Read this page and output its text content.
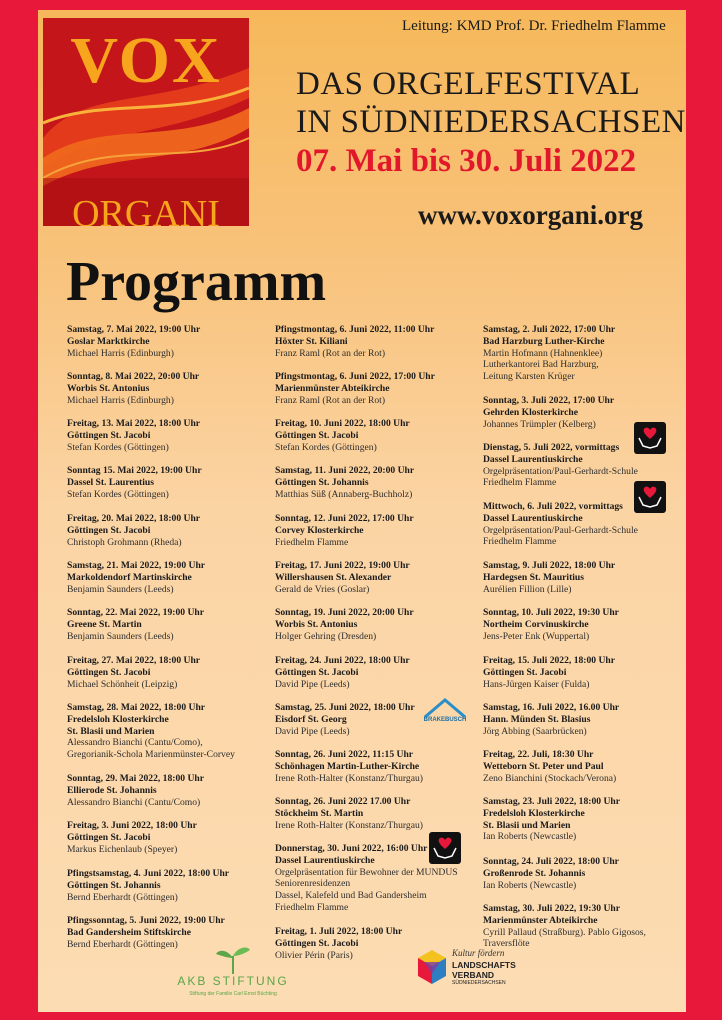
VOX
ORGANI
Leitung: KMD Prof. Dr. Friedhelm Flamme
DAS ORGELFESTIVAL
IN SÜDNIEDERSACHSEN
07. Mai bis 30. Juli 2022
www.voxorgani.org
Programm
Samstag, 7. Mai 2022, 19:00 Uhr
Goslar Marktkirche
Michael Harris (Edinburgh)
Sonntag, 8. Mai 2022, 20:00 Uhr
Worbis St. Antonius
Michael Harris (Edinburgh)
Freitag, 13. Mai 2022, 18:00 Uhr
Göttingen St. Jacobi
Stefan Kordes (Göttingen)
Sonntag 15. Mai 2022, 19:00 Uhr
Dassel St. Laurentius
Stefan Kordes (Göttingen)
Freitag, 20. Mai 2022, 18:00 Uhr
Göttingen St. Jacobi
Christoph Grohmann (Rheda)
Samstag, 21. Mai 2022, 19:00 Uhr
Markoldendorf Martinskirche
Benjamin Saunders (Leeds)
Sonntag, 22. Mai 2022, 19:00 Uhr
Greene St. Martin
Benjamin Saunders (Leeds)
Freitag, 27. Mai 2022, 18:00 Uhr
Göttingen St. Jacobi
Michael Schönheit (Leipzig)
Samstag, 28. Mai 2022, 18:00 Uhr
Fredelsloh Klosterkirche
St. Blasii und Marien
Alessandro Bianchi (Cantu/Como),
Gregorianik-Schola Marienmünster-Corvey
Sonntag, 29. Mai 2022, 18:00 Uhr
Ellierode St. Johannis
Alessandro Bianchi (Cantu/Como)
Freitag, 3. Juni 2022, 18:00 Uhr
Göttingen St. Jacobi
Markus Eichenlaub (Speyer)
Pfingstsamstag, 4. Juni 2022, 18:00 Uhr
Göttingen St. Johannis
Bernd Eberhardt (Göttingen)
Pfingssonntag, 5. Juni 2022, 19:00 Uhr
Bad Gandersheim Stiftskirche
Bernd Eberhardt (Göttingen)
Pfingstmontag, 6. Juni 2022, 11:00 Uhr
Höxter St. Kiliani
Franz Raml (Rot an der Rot)
Pfingstmontag, 6. Juni 2022, 17:00 Uhr
Marienmünster Abteikirche
Franz Raml (Rot an der Rot)
Freitag, 10. Juni 2022, 18:00 Uhr
Göttingen St. Jacobi
Stefan Kordes (Göttingen)
Samstag, 11. Juni 2022, 20:00 Uhr
Göttingen St. Johannis
Matthias Süß (Annaberg-Buchholz)
Sonntag, 12. Juni 2022, 17:00 Uhr
Corvey Klosterkirche
Friedhelm Flamme
Freitag, 17. Juni 2022, 19:00 Uhr
Willershausen St. Alexander
Gerald de Vries (Goslar)
Sonntag, 19. Juni 2022, 20:00 Uhr
Worbis St. Antonius
Holger Gehring (Dresden)
Freitag, 24. Juni 2022, 18:00 Uhr
Göttingen St. Jacobi
David Pipe (Leeds)
Samstag, 25. Juni 2022, 18:00 Uhr
Eisdorf St. Georg
David Pipe (Leeds)
Sonntag, 26. Juni 2022, 11:15 Uhr
Schönhagen Martin-Luther-Kirche
Irene Roth-Halter (Konstanz/Thurgau)
Sonntag, 26. Juni 2022 17.00 Uhr
Stöckheim St. Martin
Irene Roth-Halter (Konstanz/Thurgau)
Donnerstag, 30. Juni 2022, 16:00 Uhr
Dassel Laurentiuskirche
Orgelpräsentation für Bewohner der MUNDUS
Seniorenresidenzen
Dassel, Kalefeld und Bad Gandersheim
Friedhelm Flamme
Freitag, 1. Juli 2022, 18:00 Uhr
Göttingen St. Jacobi
Olivier Périn (Paris)
Samstag, 2. Juli 2022, 17:00 Uhr
Bad Harzburg Luther-Kirche
Martin Hofmann (Hahnenklee)
Lutherkantorei Bad Harzburg,
Leitung Karsten Krüger
Sonntag, 3. Juli 2022, 17:00 Uhr
Gehrden Klosterkirche
Johannes Trümpler (Kelberg)
Dienstag, 5. Juli 2022, vormittags
Dassel Laurentiuskirche
Orgelpräsentation/Paul-Gerhardt-Schule
Friedhelm Flamme
Mittwoch, 6. Juli 2022, vormittags
Dassel Laurentiuskirche
Orgelpräsentation/Paul-Gerhardt-Schule
Friedhelm Flamme
Samstag, 9. Juli 2022, 18:00 Uhr
Hardegsen St. Mauritius
Aurélien Fillion (Lille)
Sonntag, 10. Juli 2022, 19:30 Uhr
Northeim Corvinuskirche
Jens-Peter Enk (Wuppertal)
Freitag, 15. Juli 2022, 18:00 Uhr
Göttingen St. Jacobi
Hans-Jürgen Kaiser (Fulda)
Samstag, 16. Juli 2022, 16.00 Uhr
Hann. Münden St. Blasius
Jörg Abbing (Saarbrücken)
Freitag, 22. Juli, 18:30 Uhr
Wetteborn St. Peter und Paul
Zeno Bianchini (Stockach/Verona)
Samstag, 23. Juli 2022, 18:00 Uhr
Fredelsloh Klosterkirche
St. Blasii und Marien
Ian Roberts (Newcastle)
Sonntag, 24. Juli 2022, 18:00 Uhr
Großenrode St. Johannis
Ian Roberts (Newcastle)
Samstag, 30. Juli 2022, 19:30 Uhr
Marienmünster Abteikirche
Cyrill Pallaud (Straßburg). Pablo Gigosos,
Traversflöte
BRAKEBUSCH
AKB STIFTUNG
Stiftung der Familie Carl Ernst Büchting
Kultur fördern
LANDSCHAFTS
VERBAND
SÜDNIEDERSACHSEN
